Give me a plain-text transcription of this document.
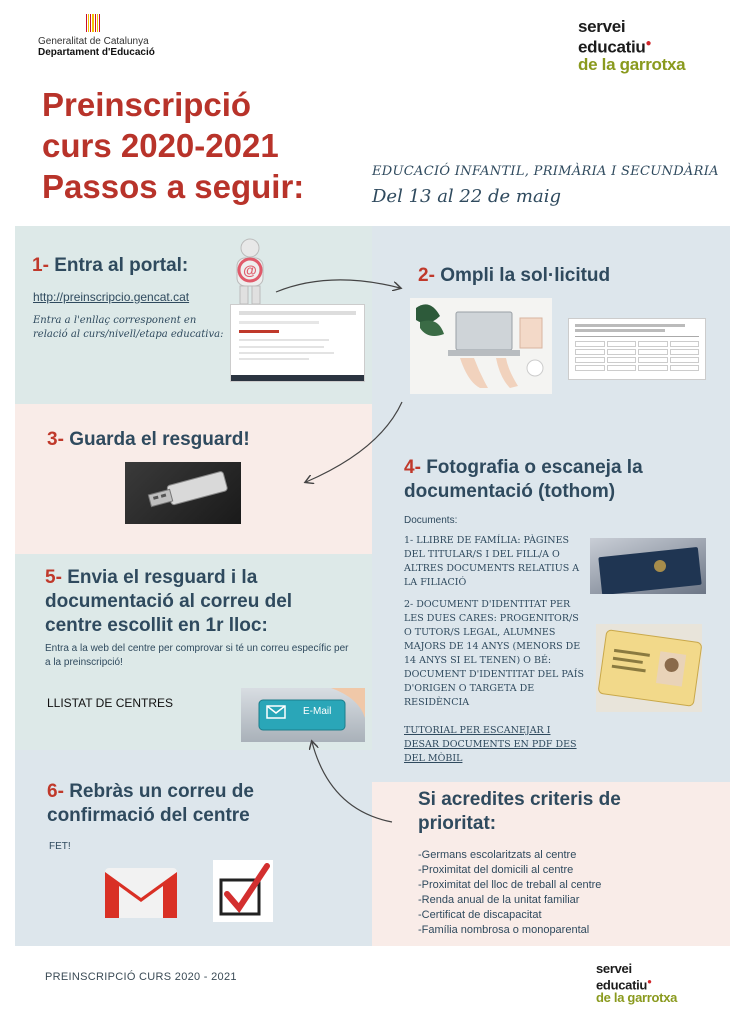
Generalitat de Catalunya
Departament d'Educació
servei
educatiu●
de la garrotxa
Preinscripció
curs 2020-2021
Passos a seguir:	EDUCACIÓ INFANTIL, PRIMÀRIA I SECUNDÀRIA
Del 13 al 22 de maig
1- Entra al portal:
http://preinscripcio.gencat.cat
Entra a l'enllaç corresponent en relació al curs/nivell/etapa educativa:
@	2- Ompli la sol·licitud
3- Guarda el resguard!
4- Fotografia o escaneja la
documentació (tothom)
Documents:
1- LLIBRE DE FAMÍLIA: PÀGINES DEL TITULAR/S I DEL FILL/A O ALTRES DOCUMENTS RELATIUS A LA FILIACIÓ
2- DOCUMENT D'IDENTITAT PER LES DUES CARES: PROGENITOR/S O TUTOR/S LEGAL, ALUMNES MAJORS DE 14 ANYS (MENORS DE 14 ANYS SI EL TENEN) O BÉ: DOCUMENT D'IDENTITAT DEL PAÍS D'ORIGEN O TARGETA DE RESIDÈNCIA
TUTORIAL PER ESCANEJAR I DESAR DOCUMENTS EN PDF DES DEL MÒBIL
5- Envia el resguard i la
documentació al correu del
centre escollit en 1r lloc:
Entra a la web del centre per comprovar si té un correu específic per a la preinscripció!
LLISTAT DE CENTRES
E-Mail
6- Rebràs un correu de
confirmació del centre
FET!
Si acredites criteris de
prioritat:
-Germans escolaritzats al centre
-Proximitat del domicili al centre
-Proximitat del lloc de treball al centre
-Renda anual de la unitat familiar
-Certificat de discapacitat
-Família nombrosa o monoparental
PREINSCRIPCIÓ CURS 2020 - 2021
servei
educatiu●
de la garrotxa
